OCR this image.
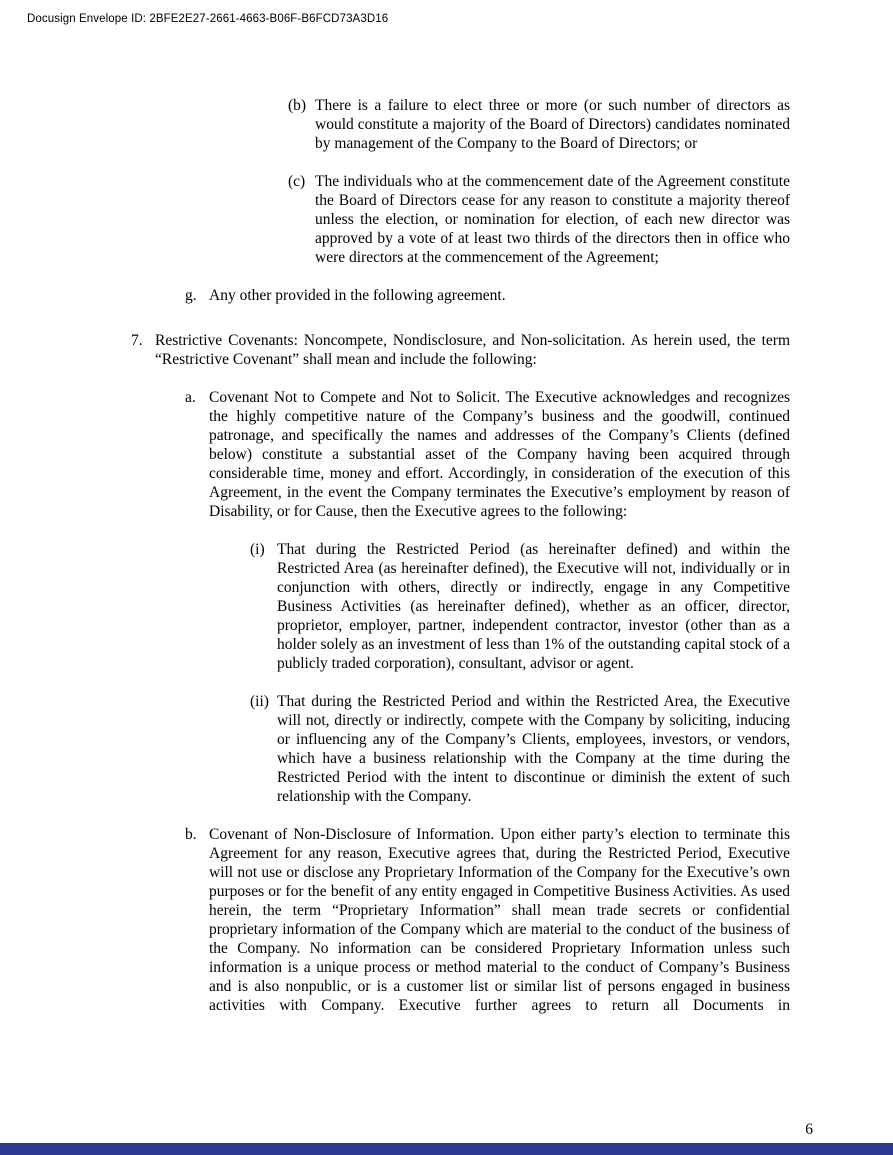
Docusign Envelope ID: 2BFE2E27-2661-4663-B06F-B6FCD73A3D16
(b) There is a failure to elect three or more (or such number of directors as would constitute a majority of the Board of Directors) candidates nominated by management of the Company to the Board of Directors; or
(c) The individuals who at the commencement date of the Agreement constitute the Board of Directors cease for any reason to constitute a majority thereof unless the election, or nomination for election, of each new director was approved by a vote of at least two thirds of the directors then in office who were directors at the commencement of the Agreement;
g. Any other provided in the following agreement.
7. Restrictive Covenants: Noncompete, Nondisclosure, and Non-solicitation. As herein used, the term “Restrictive Covenant” shall mean and include the following:
a. Covenant Not to Compete and Not to Solicit. The Executive acknowledges and recognizes the highly competitive nature of the Company’s business and the goodwill, continued patronage, and specifically the names and addresses of the Company’s Clients (defined below) constitute a substantial asset of the Company having been acquired through considerable time, money and effort. Accordingly, in consideration of the execution of this Agreement, in the event the Company terminates the Executive’s employment by reason of Disability, or for Cause, then the Executive agrees to the following:
(i) That during the Restricted Period (as hereinafter defined) and within the Restricted Area (as hereinafter defined), the Executive will not, individually or in conjunction with others, directly or indirectly, engage in any Competitive Business Activities (as hereinafter defined), whether as an officer, director, proprietor, employer, partner, independent contractor, investor (other than as a holder solely as an investment of less than 1% of the outstanding capital stock of a publicly traded corporation), consultant, advisor or agent.
(ii) That during the Restricted Period and within the Restricted Area, the Executive will not, directly or indirectly, compete with the Company by soliciting, inducing or influencing any of the Company’s Clients, employees, investors, or vendors, which have a business relationship with the Company at the time during the Restricted Period with the intent to discontinue or diminish the extent of such relationship with the Company.
b. Covenant of Non-Disclosure of Information. Upon either party’s election to terminate this Agreement for any reason, Executive agrees that, during the Restricted Period, Executive will not use or disclose any Proprietary Information of the Company for the Executive’s own purposes or for the benefit of any entity engaged in Competitive Business Activities. As used herein, the term “Proprietary Information” shall mean trade secrets or confidential proprietary information of the Company which are material to the conduct of the business of the Company. No information can be considered Proprietary Information unless such information is a unique process or method material to the conduct of Company’s Business and is also nonpublic, or is a customer list or similar list of persons engaged in business activities with Company. Executive further agrees to return all Documents in
6
